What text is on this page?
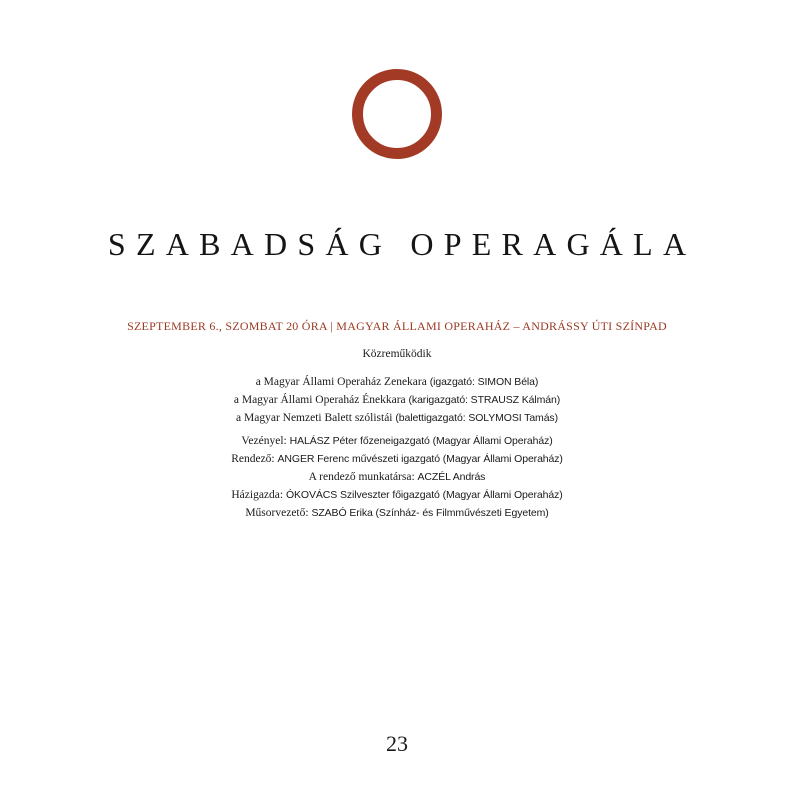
SZABADSÁG OPERAGÁLA
SZEPTEMBER 6., SZOMBAT 20 ÓRA | MAGYAR ÁLLAMI OPERAHÁZ – ANDRÁSSY ÚTI SZÍNPAD
Közreműködik
a Magyar Állami Operaház Zenekara (igazgató: SIMON Béla)
a Magyar Állami Operaház Énekkara (karigazgató: STRAUSZ Kálmán)
a Magyar Nemzeti Balett szólistái (balettigazgató: SOLYMOSI Tamás)
Vezényel: HALÁSZ Péter főzeneigazgató (Magyar Állami Operaház)
Rendező: ANGER Ferenc művészeti igazgató (Magyar Állami Operaház)
A rendező munkatársa: ACZÉL András
Házigazda: ÓKOVÁCS Szilveszter főigazgató (Magyar Állami Operaház)
Műsorvezető: SZABÓ Erika (Színház- és Filmművészeti Egyetem)
23
